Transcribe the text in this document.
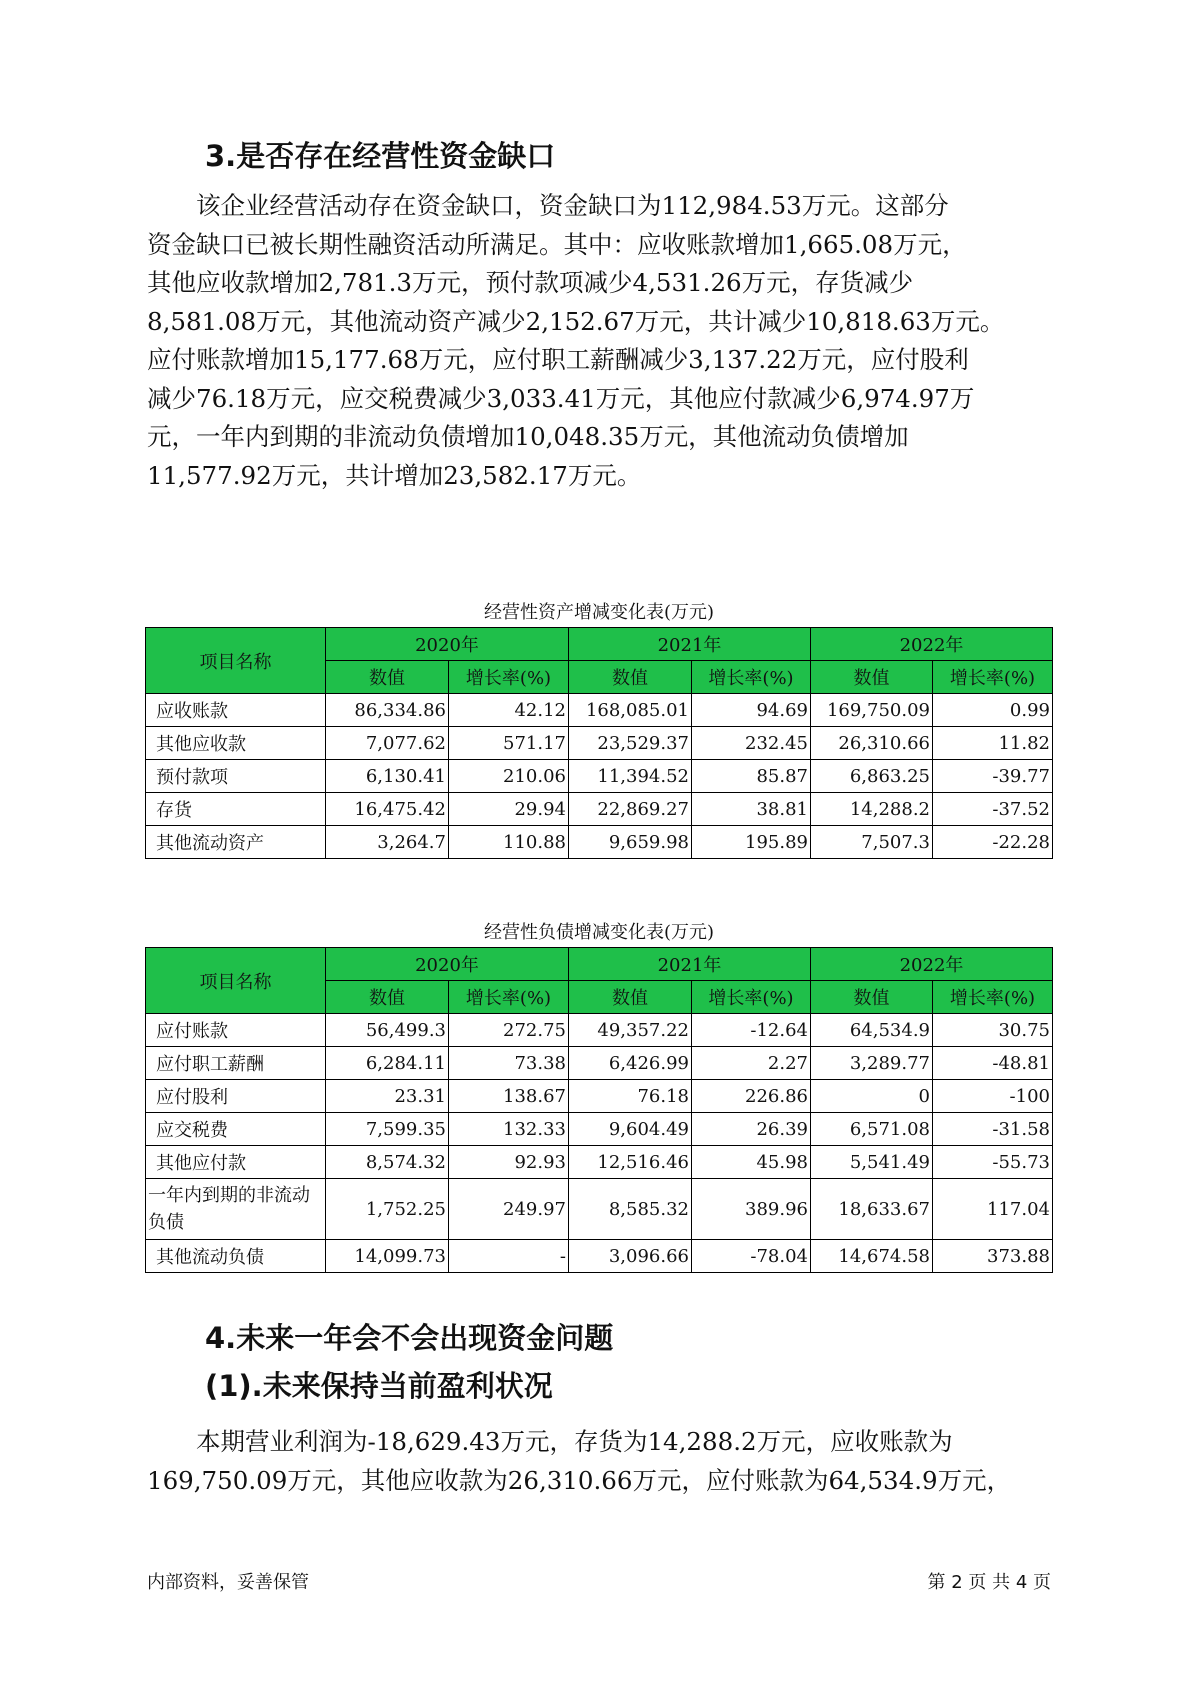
3.是否存在经营性资金缺口

该企业经营活动存在资金缺口，资金缺口为112,984.53万元。这部分
资金缺口已被长期性融资活动所满足。其中：应收账款增加1,665.08万元，
其他应收款增加2,781.3万元，预付款项减少4,531.26万元，存货减少
8,581.08万元，其他流动资产减少2,152.67万元，共计减少10,818.63万元。
应付账款增加15,177.68万元，应付职工薪酬减少3,137.22万元，应付股利
减少76.18万元，应交税费减少3,033.41万元，其他应付款减少6,974.97万
元，一年内到期的非流动负债增加10,048.35万元，其他流动负债增加
11,577.92万元，共计增加23,582.17万元。

经营性资产增减变化表(万元)
项目名称	2020年		2021年		2022年	
	数值	增长率(%)	数值	增长率(%)	数值	增长率(%)
应收账款	86,334.86	42.12	168,085.01	94.69	169,750.09	0.99
其他应收款	7,077.62	571.17	23,529.37	232.45	26,310.66	11.82
预付款项	6,130.41	210.06	11,394.52	85.87	6,863.25	-39.77
存货	16,475.42	29.94	22,869.27	38.81	14,288.2	-37.52
其他流动资产	3,264.7	110.88	9,659.98	195.89	7,507.3	-22.28
经营性负债增减变化表(万元)
项目名称	2020年		2021年		2022年	
	数值	增长率(%)	数值	增长率(%)	数值	增长率(%)
应付账款	56,499.3	272.75	49,357.22	-12.64	64,534.9	30.75
应付职工薪酬	6,284.11	73.38	6,426.99	2.27	3,289.77	-48.81
应付股利	23.31	138.67	76.18	226.86	0	-100
应交税费	7,599.35	132.33	9,604.49	26.39	6,571.08	-31.58
其他应付款	8,574.32	92.93	12,516.46	45.98	5,541.49	-55.73
一年内到期的非流动负债	1,752.25	249.97	8,585.32	389.96	18,633.67	117.04
其他流动负债	14,099.73	-	3,096.66	-78.04	14,674.58	373.88
4.未来一年会不会出现资金问题
(1).未来保持当前盈利状况

本期营业利润为-18,629.43万元，存货为14,288.2万元，应收账款为
169,750.09万元，其他应收款为26,310.66万元，应付账款为64,534.9万元，

内部资料，妥善保管	第 2 页 共 4 页
